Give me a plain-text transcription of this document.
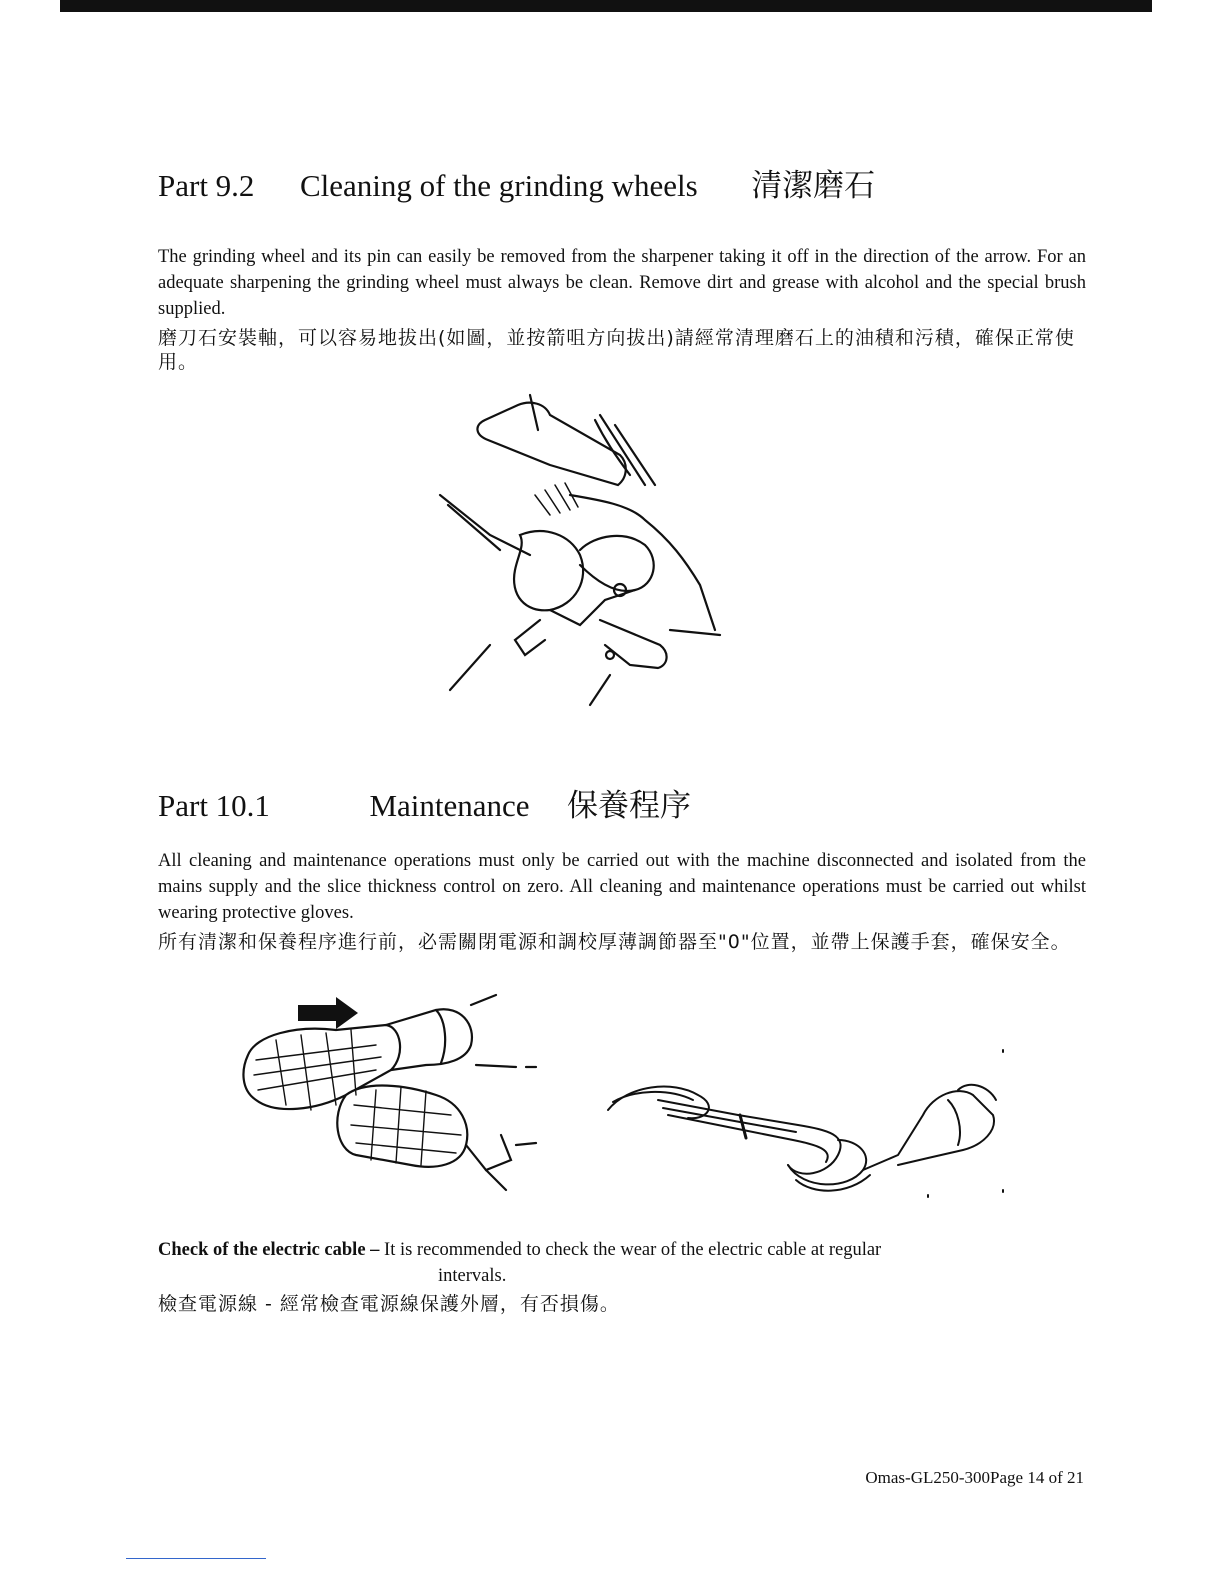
Part 9.2 Cleaning of the grinding wheels 清潔磨石
The grinding wheel and its pin can easily be removed from the sharpener taking it off in the direction of the arrow. For an adequate sharpening the grinding wheel must always be clean. Remove dirt and grease with alcohol and the special brush supplied.
磨刀石安裝軸，可以容易地拔出(如圖，並按箭咀方向拔出)請經常清理磨石上的油積和污積，確保正常使用。
Part 10.1	Maintenance 保養程序
All cleaning and maintenance operations must only be carried out with the machine disconnected and isolated from the mains supply and the slice thickness control on zero. All cleaning and maintenance operations must be carried out whilst wearing protective gloves.
所有清潔和保養程序進行前，必需關閉電源和調校厚薄調節器至"0"位置，並帶上保護手套，確保安全。
Check of the electric cable – It is recommended to check the wear of the electric cable at regular
intervals.
檢查電源線 - 經常檢查電源線保護外層，有否損傷。
Omas-GL250-300Page 14 of 21
